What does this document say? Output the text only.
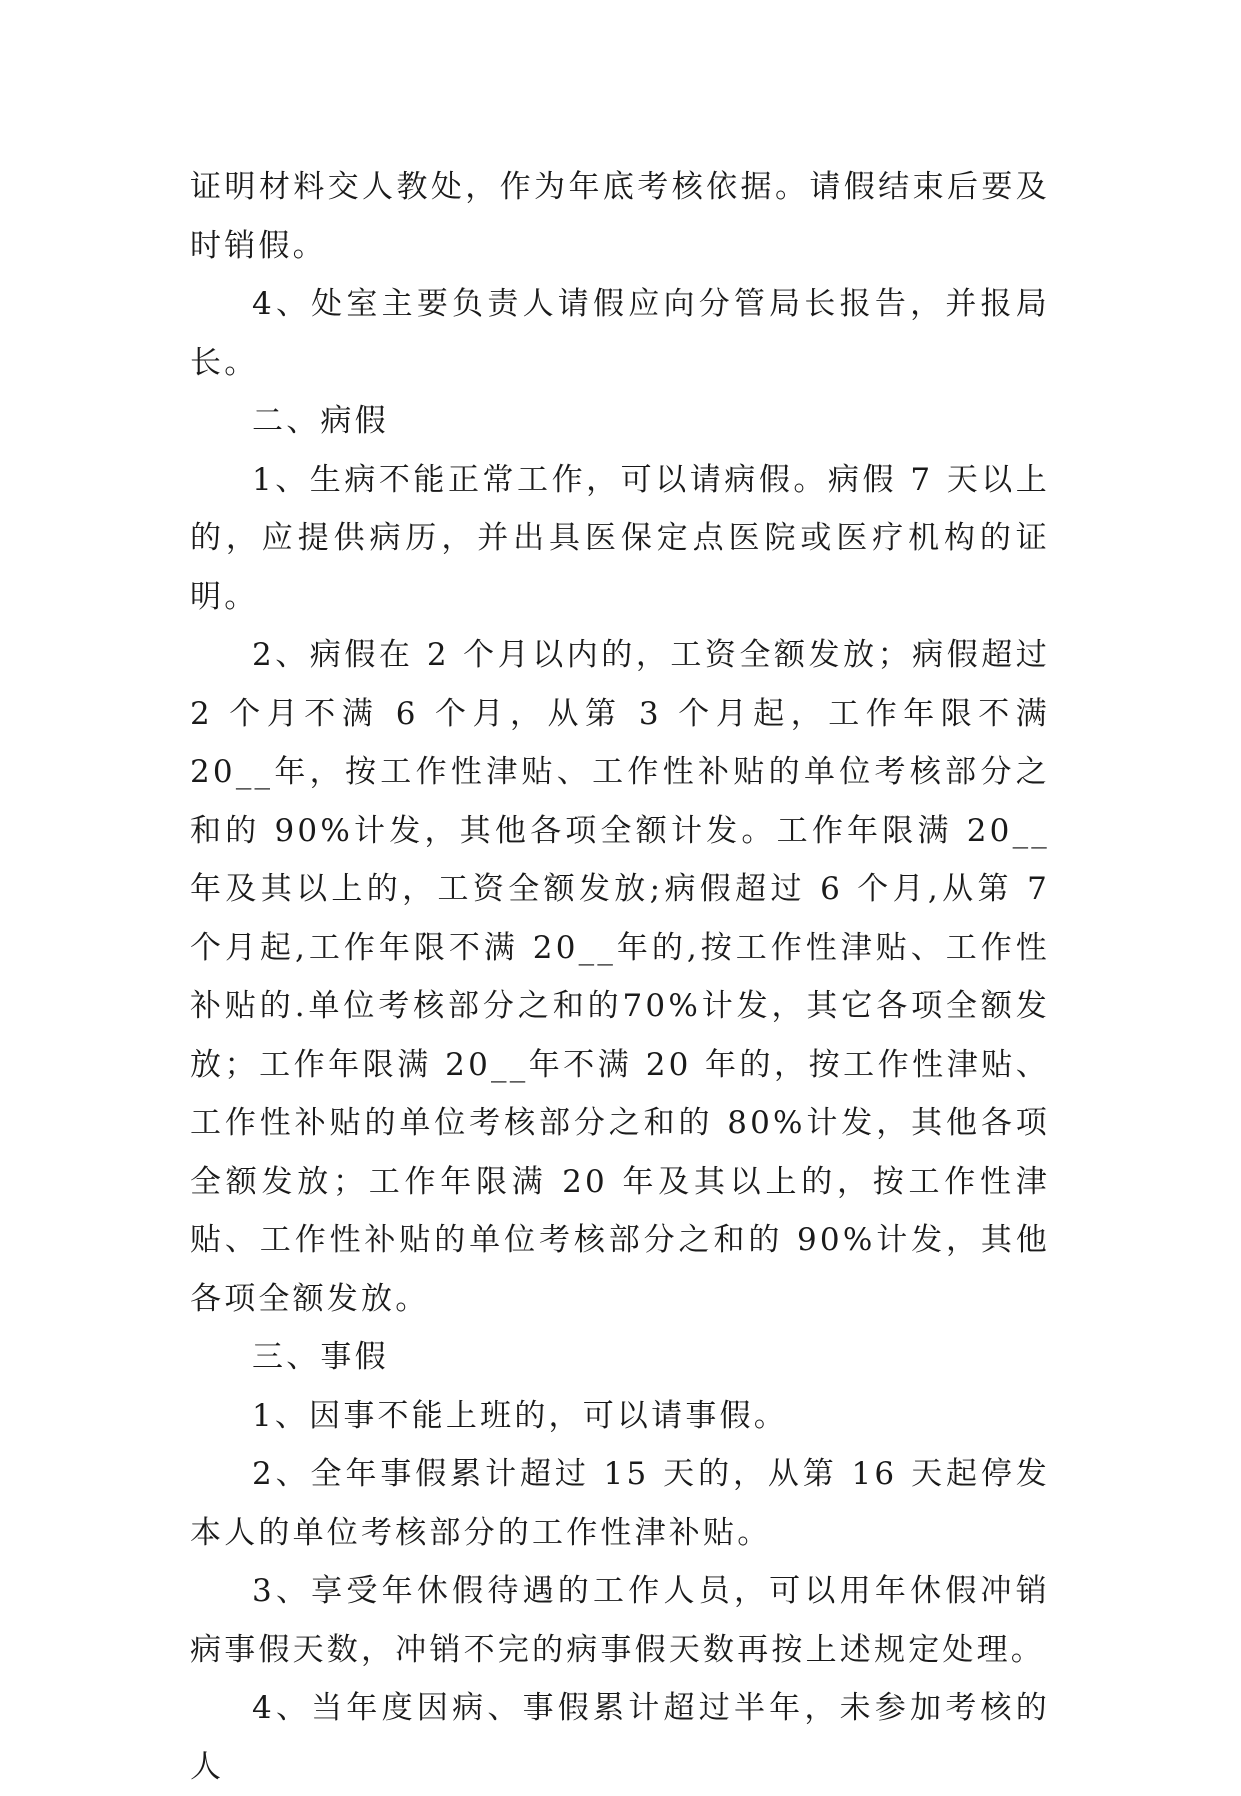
证明材料交人教处，作为年底考核依据。请假结束后要及时销假。

4、处室主要负责人请假应向分管局长报告，并报局长。

二、病假

1、生病不能正常工作，可以请病假。病假 7 天以上的，应提供病历，并出具医保定点医院或医疗机构的证明。

2、病假在 2 个月以内的，工资全额发放；病假超过 2 个月不满 6 个月，从第 3 个月起，工作年限不满 20__年，按工作性津贴、工作性补贴的单位考核部分之和的 90%计发，其他各项全额计发。工作年限满 20__年及其以上的，工资全额发放;病假超过 6 个月,从第 7 个月起,工作年限不满 20__年的,按工作性津贴、工作性补贴的.单位考核部分之和的70%计发，其它各项全额发放；工作年限满 20__年不满 20 年的，按工作性津贴、工作性补贴的单位考核部分之和的 80%计发，其他各项全额发放；工作年限满 20 年及其以上的，按工作性津贴、工作性补贴的单位考核部分之和的 90%计发，其他各项全额发放。

三、事假

1、因事不能上班的，可以请事假。

2、全年事假累计超过 15 天的，从第 16 天起停发本人的单位考核部分的工作性津补贴。

3、享受年休假待遇的工作人员，可以用年休假冲销病事假天数，冲销不完的病事假天数再按上述规定处理。

4、当年度因病、事假累计超过半年，未参加考核的人
